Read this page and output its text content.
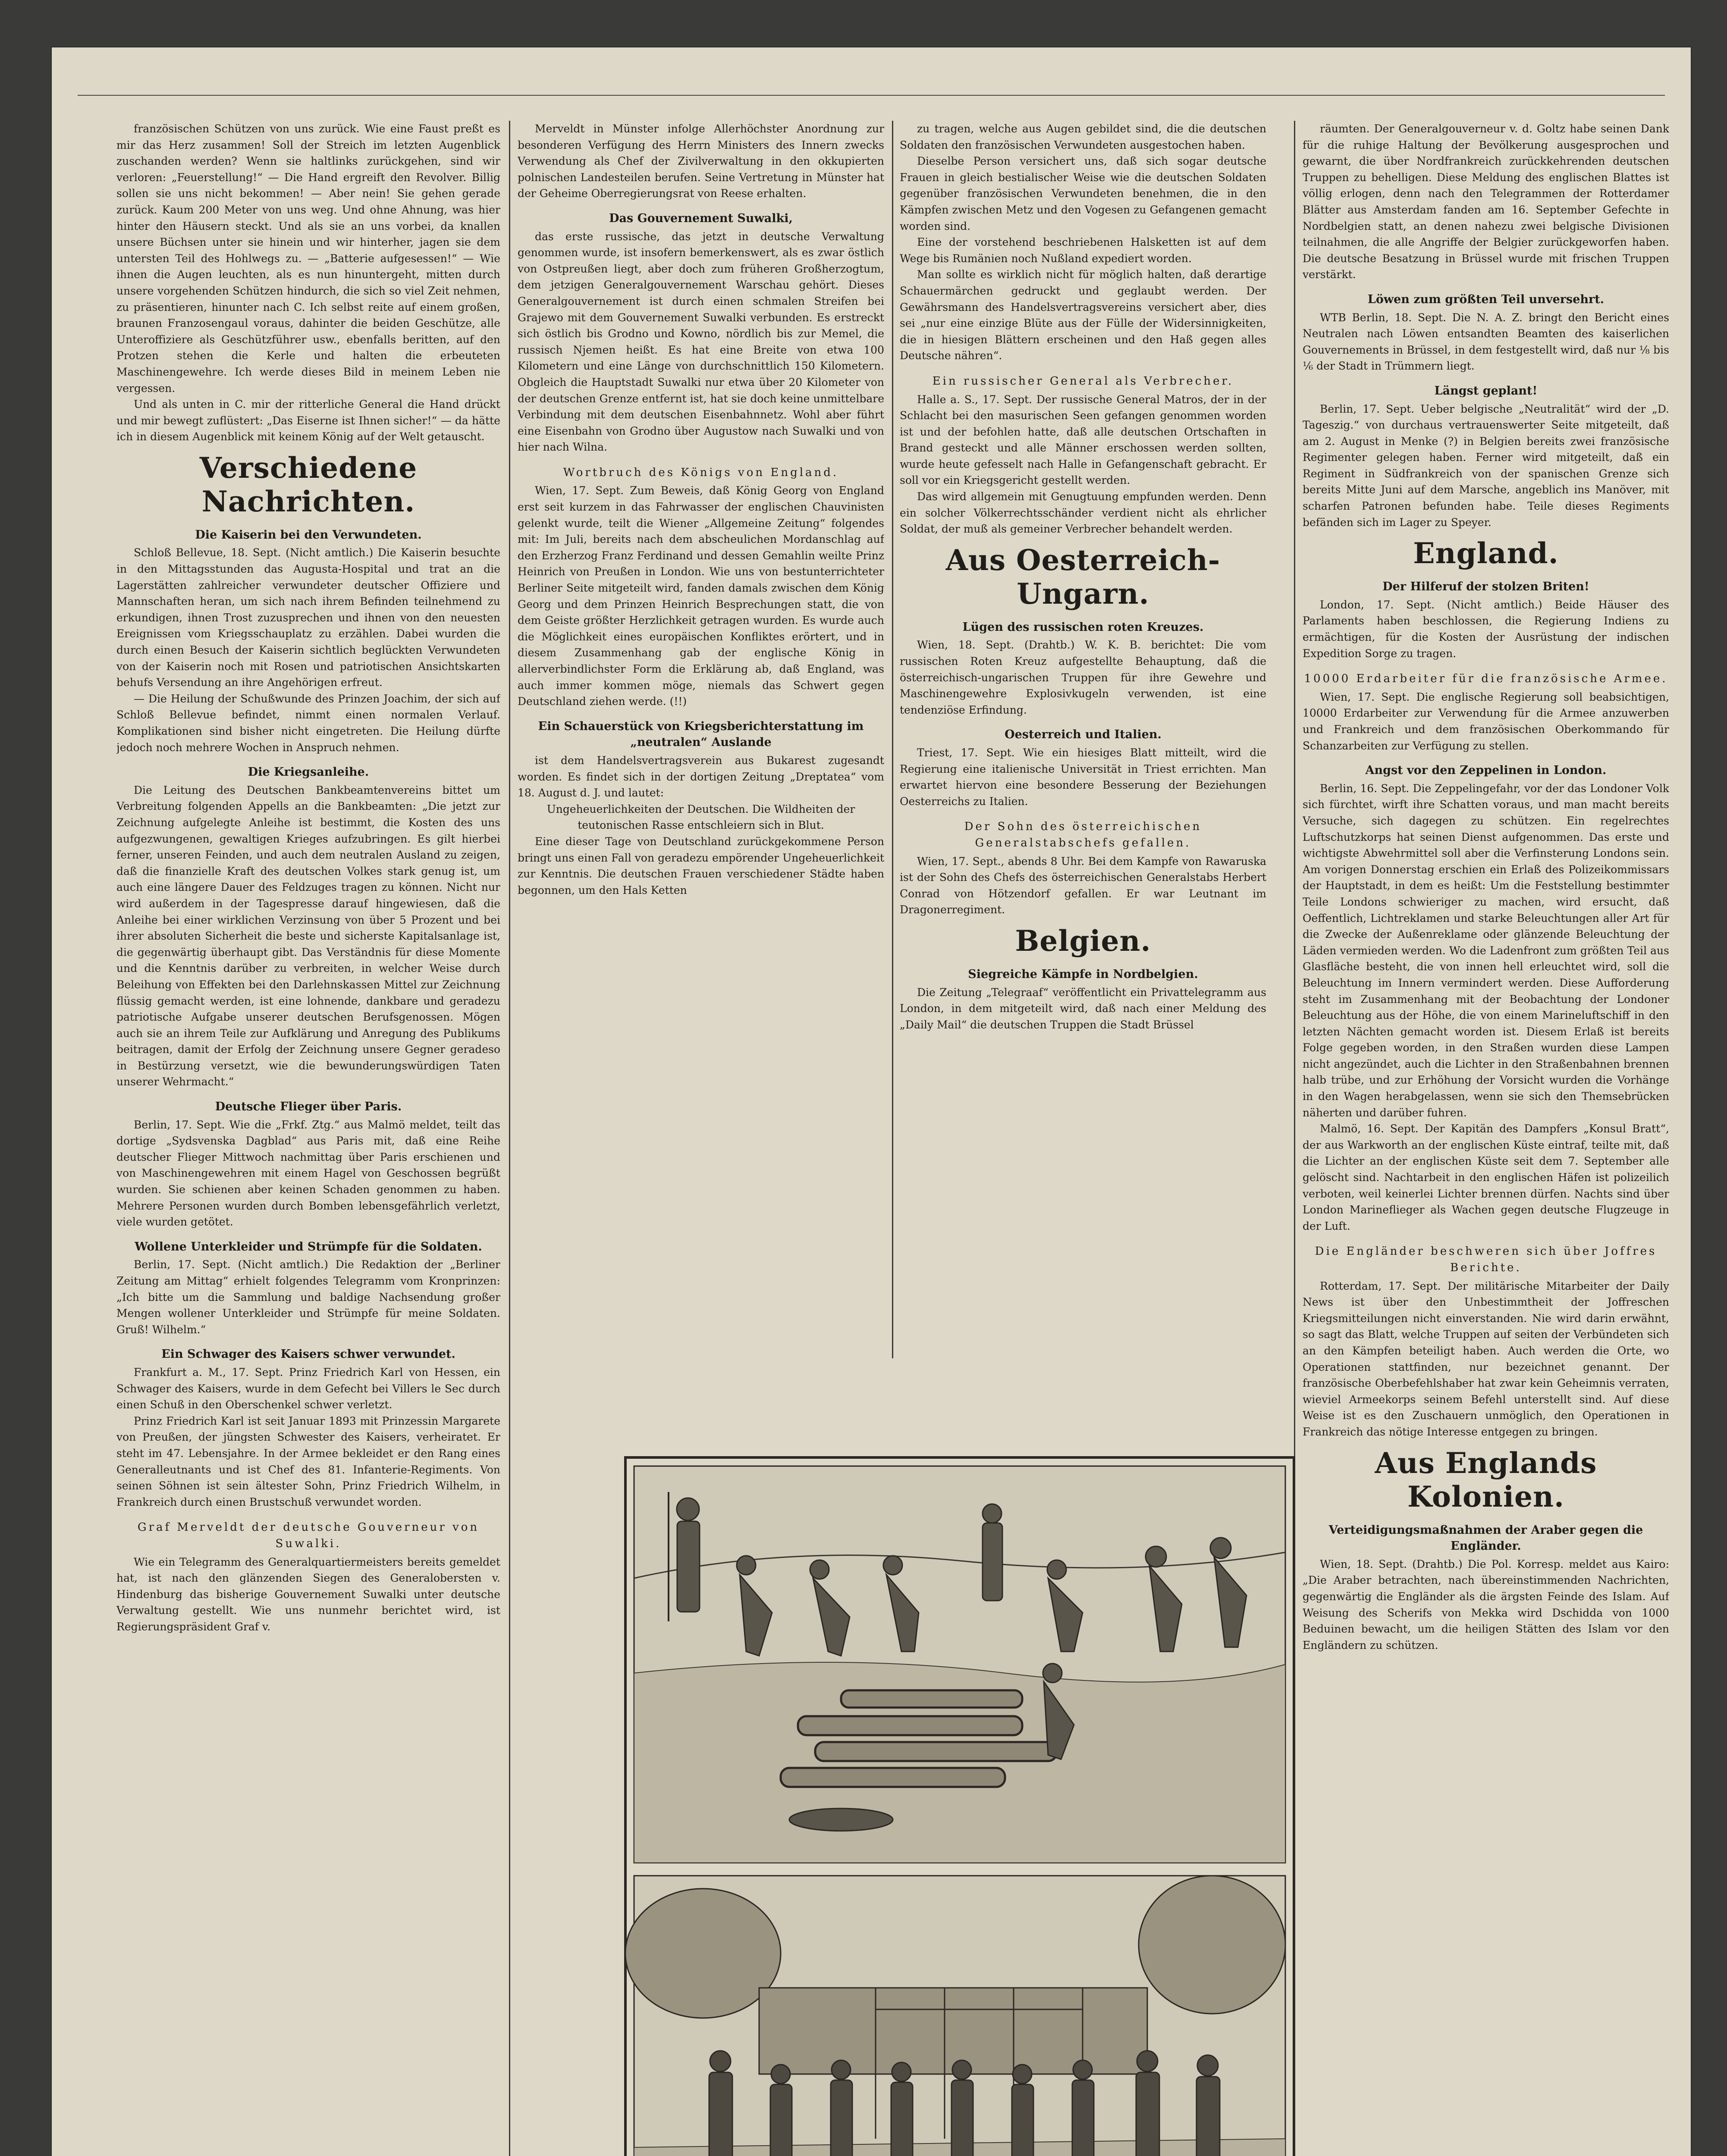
französischen Schützen von uns zurück. Wie eine Faust preßt es mir das Herz zusammen! Soll der Streich im letzten Augenblick zuschanden werden? Wenn sie haltlinks zurückgehen, sind wir verloren: „Feuerstellung!“ — Die Hand ergreift den Revolver. Billig sollen sie uns nicht bekommen! — Aber nein! Sie gehen gerade zurück. Kaum 200 Meter von uns weg. Und ohne Ahnung, was hier hinter den Häusern steckt. Und als sie an uns vorbei, da knallen unsere Büchsen unter sie hinein und wir hinterher, jagen sie dem untersten Teil des Hohlwegs zu. — „Batterie aufgesessen!“ — Wie ihnen die Augen leuchten, als es nun hinuntergeht, mitten durch unsere vorgehenden Schützen hindurch, die sich so viel Zeit nehmen, zu präsentieren, hinunter nach C. Ich selbst reite auf einem großen, braunen Franzosengaul voraus, dahinter die beiden Geschütze, alle Unteroffiziere als Geschützführer usw., ebenfalls beritten, auf den Protzen stehen die Kerle und halten die erbeuteten Maschinengewehre. Ich werde dieses Bild in meinem Leben nie vergessen.

Und als unten in C. mir der ritterliche General die Hand drückt und mir bewegt zuflüstert: „Das Eiserne ist Ihnen sicher!“ — da hätte ich in diesem Augenblick mit keinem König auf der Welt getauscht.

Verschiedene Nachrichten.
Die Kaiserin bei den Verwundeten.

Schloß Bellevue, 18. Sept. (Nicht amtlich.) Die Kaiserin besuchte in den Mittagsstunden das Augusta-Hospital und trat an die Lagerstätten zahlreicher verwundeter deutscher Offiziere und Mannschaften heran, um sich nach ihrem Befinden teilnehmend zu erkundigen, ihnen Trost zuzusprechen und ihnen von den neuesten Ereignissen vom Kriegsschauplatz zu erzählen. Dabei wurden die durch einen Besuch der Kaiserin sichtlich beglückten Verwundeten von der Kaiserin noch mit Rosen und patriotischen Ansichtskarten behufs Versendung an ihre Angehörigen erfreut.

— Die Heilung der Schußwunde des Prinzen Joachim, der sich auf Schloß Bellevue befindet, nimmt einen normalen Verlauf. Komplikationen sind bisher nicht eingetreten. Die Heilung dürfte jedoch noch mehrere Wochen in Anspruch nehmen.

Die Kriegsanleihe.

Die Leitung des Deutschen Bankbeamtenvereins bittet um Verbreitung folgenden Appells an die Bankbeamten: „Die jetzt zur Zeichnung aufgelegte Anleihe ist bestimmt, die Kosten des uns aufgezwungenen, gewaltigen Krieges aufzubringen. Es gilt hierbei ferner, unseren Feinden, und auch dem neutralen Ausland zu zeigen, daß die finanzielle Kraft des deutschen Volkes stark genug ist, um auch eine längere Dauer des Feldzuges tragen zu können. Nicht nur wird außerdem in der Tagespresse darauf hingewiesen, daß die Anleihe bei einer wirklichen Verzinsung von über 5 Prozent und bei ihrer absoluten Sicherheit die beste und sicherste Kapitalsanlage ist, die gegenwärtig überhaupt gibt. Das Verständnis für diese Momente und die Kenntnis darüber zu verbreiten, in welcher Weise durch Beleihung von Effekten bei den Darlehnskassen Mittel zur Zeichnung flüssig gemacht werden, ist eine lohnende, dankbare und geradezu patriotische Aufgabe unserer deutschen Berufsgenossen. Mögen auch sie an ihrem Teile zur Aufklärung und Anregung des Publikums beitragen, damit der Erfolg der Zeichnung unsere Gegner geradeso in Bestürzung versetzt, wie die bewunderungswürdigen Taten unserer Wehrmacht.“

Deutsche Flieger über Paris.

Berlin, 17. Sept. Wie die „Frkf. Ztg.“ aus Malmö meldet, teilt das dortige „Sydsvenska Dagblad“ aus Paris mit, daß eine Reihe deutscher Flieger Mittwoch nachmittag über Paris erschienen und von Maschinengewehren mit einem Hagel von Geschossen begrüßt wurden. Sie schienen aber keinen Schaden genommen zu haben. Mehrere Personen wurden durch Bomben lebensgefährlich verletzt, viele wurden getötet.

Wollene Unterkleider und Strümpfe für die Soldaten.

Berlin, 17. Sept. (Nicht amtlich.) Die Redaktion der „Berliner Zeitung am Mittag“ erhielt folgendes Telegramm vom Kronprinzen: „Ich bitte um die Sammlung und baldige Nachsendung großer Mengen wollener Unterkleider und Strümpfe für meine Soldaten. Gruß! Wilhelm.“

Ein Schwager des Kaisers schwer verwundet.

Frankfurt a. M., 17. Sept. Prinz Friedrich Karl von Hessen, ein Schwager des Kaisers, wurde in dem Gefecht bei Villers le Sec durch einen Schuß in den Oberschenkel schwer verletzt.

Prinz Friedrich Karl ist seit Januar 1893 mit Prinzessin Margarete von Preußen, der jüngsten Schwester des Kaisers, verheiratet. Er steht im 47. Lebensjahre. In der Armee bekleidet er den Rang eines Generalleutnants und ist Chef des 81. Infanterie-Regiments. Von seinen Söhnen ist sein ältester Sohn, Prinz Friedrich Wilhelm, in Frankreich durch einen Brustschuß verwundet worden.

Graf Merveldt der deutsche Gouverneur von Suwalki.

Wie ein Telegramm des Generalquartiermeisters bereits gemeldet hat, ist nach den glänzenden Siegen des Generalobersten v. Hindenburg das bisherige Gouvernement Suwalki unter deutsche Verwaltung gestellt. Wie uns nunmehr berichtet wird, ist Regierungspräsident Graf v.

Merveldt in Münster infolge Allerhöchster Anordnung zur besonderen Verfügung des Herrn Ministers des Innern zwecks Verwendung als Chef der Zivilverwaltung in den okkupierten polnischen Landesteilen berufen. Seine Vertretung in Münster hat der Geheime Oberregierungsrat von Reese erhalten.

Das Gouvernement Suwalki,

das erste russische, das jetzt in deutsche Verwaltung genommen wurde, ist insofern bemerkenswert, als es zwar östlich von Ostpreußen liegt, aber doch zum früheren Großherzogtum, dem jetzigen Generalgouvernement Warschau gehört. Dieses Generalgouvernement ist durch einen schmalen Streifen bei Grajewo mit dem Gouvernement Suwalki verbunden. Es erstreckt sich östlich bis Grodno und Kowno, nördlich bis zur Memel, die russisch Njemen heißt. Es hat eine Breite von etwa 100 Kilometern und eine Länge von durchschnittlich 150 Kilometern. Obgleich die Hauptstadt Suwalki nur etwa über 20 Kilometer von der deutschen Grenze entfernt ist, hat sie doch keine unmittelbare Verbindung mit dem deutschen Eisenbahnnetz. Wohl aber führt eine Eisenbahn von Grodno über Augustow nach Suwalki und von hier nach Wilna.

Wortbruch des Königs von England.

Wien, 17. Sept. Zum Beweis, daß König Georg von England erst seit kurzem in das Fahrwasser der englischen Chauvinisten gelenkt wurde, teilt die Wiener „Allgemeine Zeitung“ folgendes mit: Im Juli, bereits nach dem abscheulichen Mordanschlag auf den Erzherzog Franz Ferdinand und dessen Gemahlin weilte Prinz Heinrich von Preußen in London. Wie uns von bestunterrichteter Berliner Seite mitgeteilt wird, fanden damals zwischen dem König Georg und dem Prinzen Heinrich Besprechungen statt, die von dem Geiste größter Herzlichkeit getragen wurden. Es wurde auch die Möglichkeit eines europäischen Konfliktes erörtert, und in diesem Zusammenhang gab der englische König in allerverbindlichster Form die Erklärung ab, daß England, was auch immer kommen möge, niemals das Schwert gegen Deutschland ziehen werde. (!!)

Ein Schauerstück von Kriegsberichterstattung im „neutralen“ Auslande

ist dem Handelsvertragsverein aus Bukarest zugesandt worden. Es findet sich in der dortigen Zeitung „Dreptatea“ vom 18. August d. J. und lautet:

Ungeheuerlichkeiten der Deutschen. Die Wildheiten der teutonischen Rasse entschleiern sich in Blut.

Eine dieser Tage von Deutschland zurückgekommene Person bringt uns einen Fall von geradezu empörender Ungeheuerlichkeit zur Kenntnis. Die deutschen Frauen verschiedener Städte haben begonnen, um den Hals Ketten

zu tragen, welche aus Augen gebildet sind, die die deutschen Soldaten den französischen Verwundeten ausgestochen haben.

Dieselbe Person versichert uns, daß sich sogar deutsche Frauen in gleich bestialischer Weise wie die deutschen Soldaten gegenüber französischen Verwundeten benehmen, die in den Kämpfen zwischen Metz und den Vogesen zu Gefangenen gemacht worden sind.

Eine der vorstehend beschriebenen Halsketten ist auf dem Wege bis Rumänien noch Nußland expediert worden.

Man sollte es wirklich nicht für möglich halten, daß derartige Schauermärchen gedruckt und geglaubt werden. Der Gewährsmann des Handelsvertragsvereins versichert aber, dies sei „nur eine einzige Blüte aus der Fülle der Widersinnigkeiten, die in hiesigen Blättern erscheinen und den Haß gegen alles Deutsche nähren“.

Ein russischer General als Verbrecher.

Halle a. S., 17. Sept. Der russische General Matros, der in der Schlacht bei den masurischen Seen gefangen genommen worden ist und der befohlen hatte, daß alle deutschen Ortschaften in Brand gesteckt und alle Männer erschossen werden sollten, wurde heute gefesselt nach Halle in Gefangenschaft gebracht. Er soll vor ein Kriegsgericht gestellt werden.

Das wird allgemein mit Genugtuung empfunden werden. Denn ein solcher Völkerrechtsschänder verdient nicht als ehrlicher Soldat, der muß als gemeiner Verbrecher behandelt werden.

Aus Oesterreich-Ungarn.
Lügen des russischen roten Kreuzes.

Wien, 18. Sept. (Drahtb.) W. K. B. berichtet: Die vom russischen Roten Kreuz aufgestellte Behauptung, daß die österreichisch-ungarischen Truppen für ihre Gewehre und Maschinengewehre Explosivkugeln verwenden, ist eine tendenziöse Erfindung.

Oesterreich und Italien.

Triest, 17. Sept. Wie ein hiesiges Blatt mitteilt, wird die Regierung eine italienische Universität in Triest errichten. Man erwartet hiervon eine besondere Besserung der Beziehungen Oesterreichs zu Italien.

Der Sohn des österreichischen Generalstabschefs gefallen.

Wien, 17. Sept., abends 8 Uhr. Bei dem Kampfe von Rawaruska ist der Sohn des Chefs des österreichischen Generalstabs Herbert Conrad von Hötzendorf gefallen. Er war Leutnant im Dragonerregiment.

Belgien.
Siegreiche Kämpfe in Nordbelgien.

Die Zeitung „Telegraaf“ veröffentlicht ein Privattelegramm aus London, in dem mitgeteilt wird, daß nach einer Meldung des „Daily Mail“ die deutschen Truppen die Stadt Brüssel

räumten. Der Generalgouverneur v. d. Goltz habe seinen Dank für die ruhige Haltung der Bevölkerung ausgesprochen und gewarnt, die über Nordfrankreich zurückkehrenden deutschen Truppen zu behelligen. Diese Meldung des englischen Blattes ist völlig erlogen, denn nach den Telegrammen der Rotterdamer Blätter aus Amsterdam fanden am 16. September Gefechte in Nordbelgien statt, an denen nahezu zwei belgische Divisionen teilnahmen, die alle Angriffe der Belgier zurückgeworfen haben. Die deutsche Besatzung in Brüssel wurde mit frischen Truppen verstärkt.

Löwen zum größten Teil unversehrt.

WTB Berlin, 18. Sept. Die N. A. Z. bringt den Bericht eines Neutralen nach Löwen entsandten Beamten des kaiserlichen Gouvernements in Brüssel, in dem festgestellt wird, daß nur ⅛ bis ⅙ der Stadt in Trümmern liegt.

Längst geplant!

Berlin, 17. Sept. Ueber belgische „Neutralität“ wird der „D. Tageszig.“ von durchaus vertrauenswerter Seite mitgeteilt, daß am 2. August in Menke (?) in Belgien bereits zwei französische Regimenter gelegen haben. Ferner wird mitgeteilt, daß ein Regiment in Südfrankreich von der spanischen Grenze sich bereits Mitte Juni auf dem Marsche, angeblich ins Manöver, mit scharfen Patronen befunden habe. Teile dieses Regiments befänden sich im Lager zu Speyer.

England.
Der Hilferuf der stolzen Briten!

London, 17. Sept. (Nicht amtlich.) Beide Häuser des Parlaments haben beschlossen, die Regierung Indiens zu ermächtigen, für die Kosten der Ausrüstung der indischen Expedition Sorge zu tragen.

10000 Erdarbeiter für die französische Armee.

Wien, 17. Sept. Die englische Regierung soll beabsichtigen, 10000 Erdarbeiter zur Verwendung für die Armee anzuwerben und Frankreich und dem französischen Oberkommando für Schanzarbeiten zur Verfügung zu stellen.

Angst vor den Zeppelinen in London.

Berlin, 16. Sept. Die Zeppelingefahr, vor der das Londoner Volk sich fürchtet, wirft ihre Schatten voraus, und man macht bereits Versuche, sich dagegen zu schützen. Ein regelrechtes Luftschutzkorps hat seinen Dienst aufgenommen. Das erste und wichtigste Abwehrmittel soll aber die Verfinsterung Londons sein. Am vorigen Donnerstag erschien ein Erlaß des Polizeikommissars der Hauptstadt, in dem es heißt: Um die Feststellung bestimmter Teile Londons schwieriger zu machen, wird ersucht, daß Oeffentlich, Lichtreklamen und starke Beleuchtungen aller Art für die Zwecke der Außenreklame oder glänzende Beleuchtung der Läden vermieden werden. Wo die Ladenfront zum größten Teil aus Glasfläche besteht, die von innen hell erleuchtet wird, soll die Beleuchtung im Innern vermindert werden. Diese Aufforderung steht im Zusammenhang mit der Beobachtung der Londoner Beleuchtung aus der Höhe, die von einem Marineluftschiff in den letzten Nächten gemacht worden ist. Diesem Erlaß ist bereits Folge gegeben worden, in den Straßen wurden diese Lampen nicht angezündet, auch die Lichter in den Straßenbahnen brennen halb trübe, und zur Erhöhung der Vorsicht wurden die Vorhänge in den Wagen herabgelassen, wenn sie sich den Themsebrücken näherten und darüber fuhren.

Malmö, 16. Sept. Der Kapitän des Dampfers „Konsul Bratt“, der aus Warkworth an der englischen Küste eintraf, teilte mit, daß die Lichter an der englischen Küste seit dem 7. September alle gelöscht sind. Nachtarbeit in den englischen Häfen ist polizeilich verboten, weil keinerlei Lichter brennen dürfen. Nachts sind über London Marineflieger als Wachen gegen deutsche Flugzeuge in der Luft.

Die Engländer beschweren sich über Joffres Berichte.

Rotterdam, 17. Sept. Der militärische Mitarbeiter der Daily News ist über den Unbestimmtheit der Joffreschen Kriegsmitteilungen nicht einverstanden. Nie wird darin erwähnt, so sagt das Blatt, welche Truppen auf seiten der Verbündeten sich an den Kämpfen beteiligt haben. Auch werden die Orte, wo Operationen stattfinden, nur bezeichnet genannt. Der französische Oberbefehlshaber hat zwar kein Geheimnis verraten, wieviel Armeekorps seinem Befehl unterstellt sind. Auf diese Weise ist es den Zuschauern unmöglich, den Operationen in Frankreich das nötige Interesse entgegen zu bringen.

Aus Englands Kolonien.
Verteidigungsmaßnahmen der Araber gegen die Engländer.

Wien, 18. Sept. (Drahtb.) Die Pol. Korresp. meldet aus Kairo: „Die Araber betrachten, nach übereinstimmenden Nachrichten, gegenwärtig die Engländer als die ärgsten Feinde des Islam. Auf Weisung des Scherifs von Mekka wird Dschidda von 1000 Beduinen bewacht, um die heiligen Stätten des Islam vor den Engländern zu schützen.
